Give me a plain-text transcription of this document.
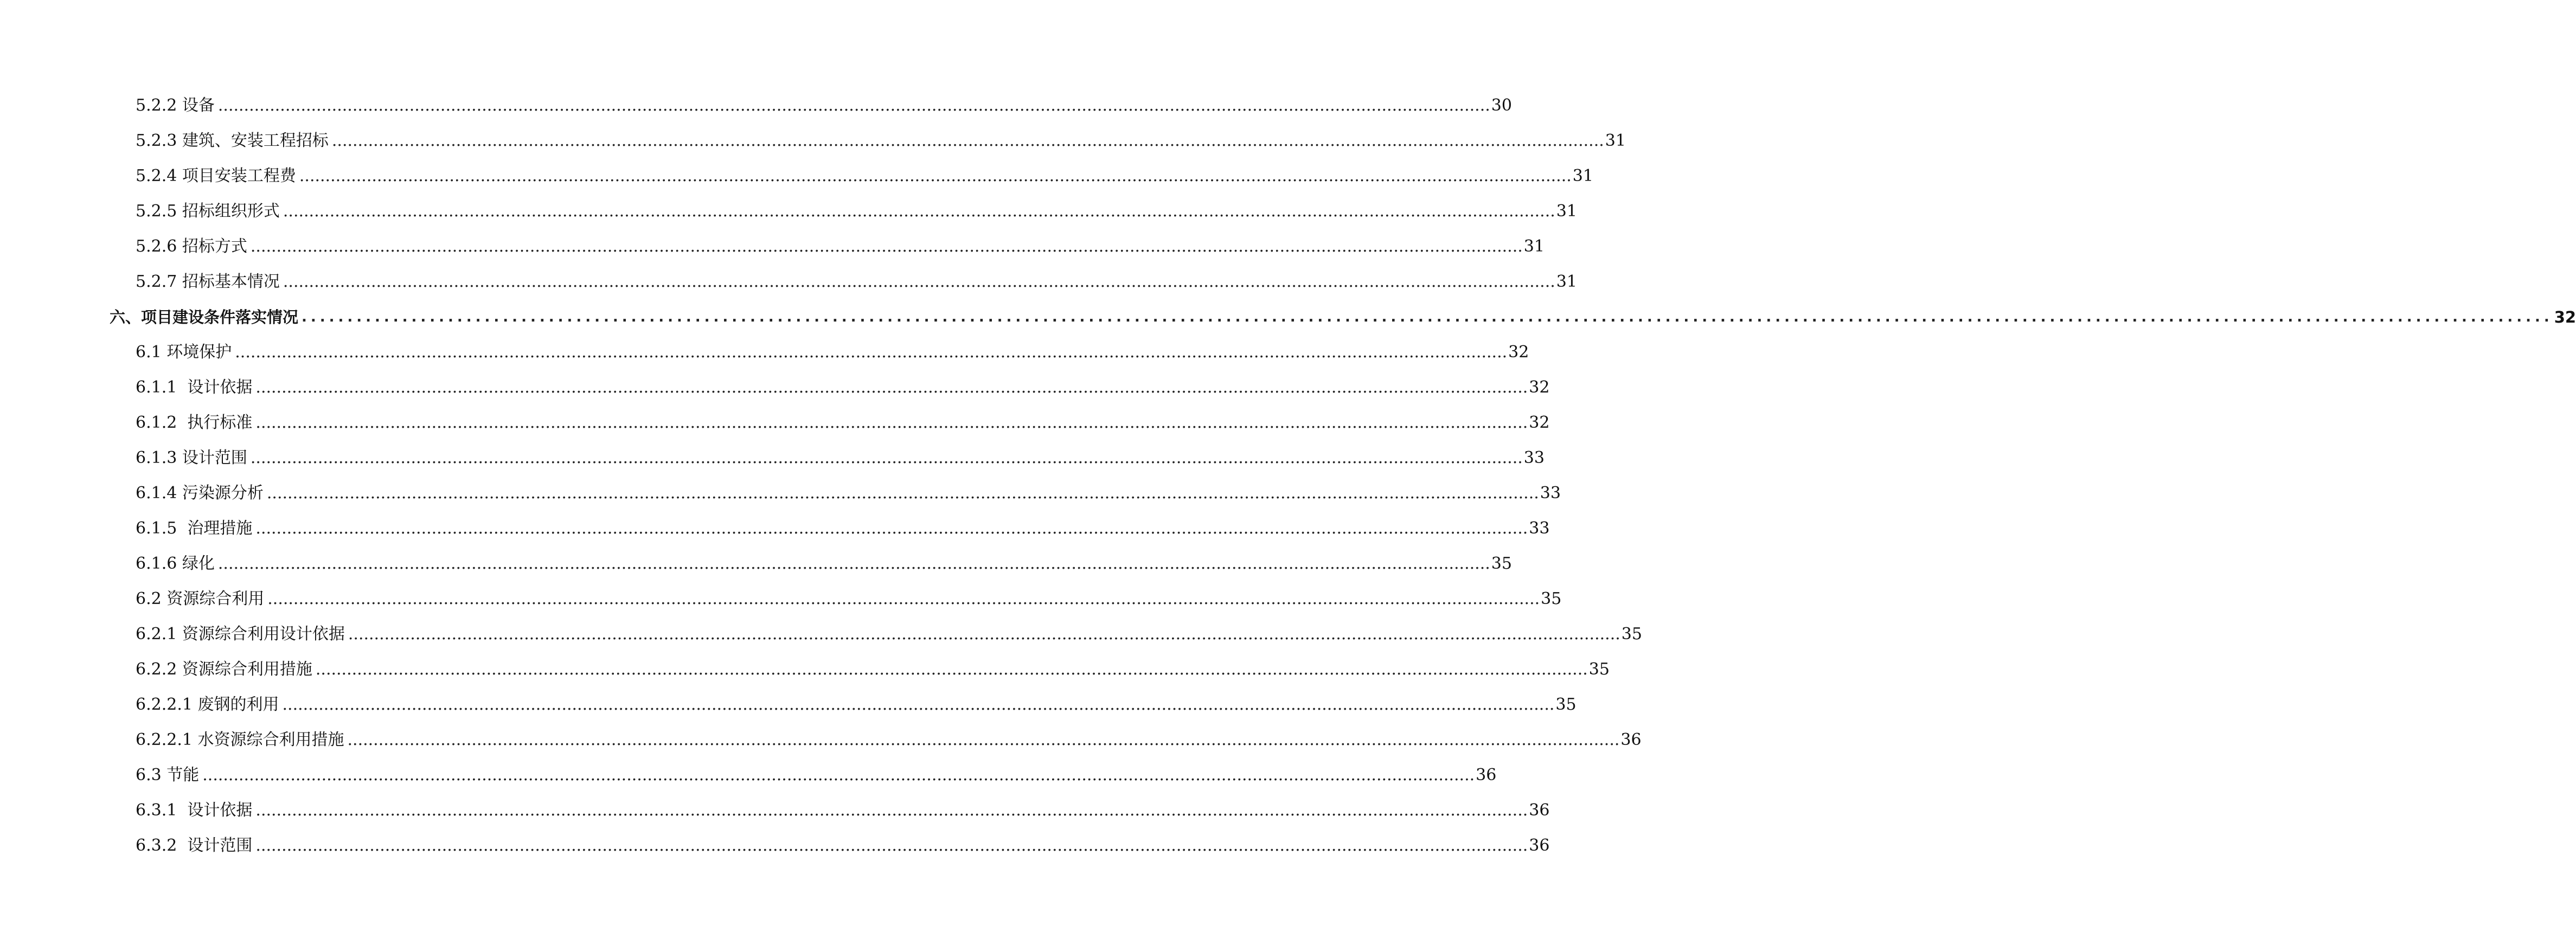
5.2.2 设备 ...................................................................................................................................................................................................................................................... 30
5.2.3 建筑、安装工程招标 ...................................................................................................................................................................................................................................................... 31
5.2.4 项目安装工程费 ...................................................................................................................................................................................................................................................... 31
5.2.5 招标组织形式 ...................................................................................................................................................................................................................................................... 31
5.2.6 招标方式 ...................................................................................................................................................................................................................................................... 31
5.2.7 招标基本情况 ...................................................................................................................................................................................................................................................... 31
六、项目建设条件落实情况 ...................................................................................................................................................................................................................................................... 32
6.1 环境保护 ...................................................................................................................................................................................................................................................... 32
6.1.1  设计依据 ...................................................................................................................................................................................................................................................... 32
6.1.2  执行标准 ...................................................................................................................................................................................................................................................... 32
6.1.3 设计范围 ...................................................................................................................................................................................................................................................... 33
6.1.4 污染源分析 ...................................................................................................................................................................................................................................................... 33
6.1.5  治理措施 ...................................................................................................................................................................................................................................................... 33
6.1.6 绿化 ...................................................................................................................................................................................................................................................... 35
6.2 资源综合利用 ...................................................................................................................................................................................................................................................... 35
6.2.1 资源综合利用设计依据 ...................................................................................................................................................................................................................................................... 35
6.2.2 资源综合利用措施 ...................................................................................................................................................................................................................................................... 35
6.2.2.1 废钢的利用 ...................................................................................................................................................................................................................................................... 35
6.2.2.1 水资源综合利用措施 ...................................................................................................................................................................................................................................................... 36
6.3 节能 ...................................................................................................................................................................................................................................................... 36
6.3.1  设计依据 ...................................................................................................................................................................................................................................................... 36
6.3.2  设计范围 ...................................................................................................................................................................................................................................................... 36
